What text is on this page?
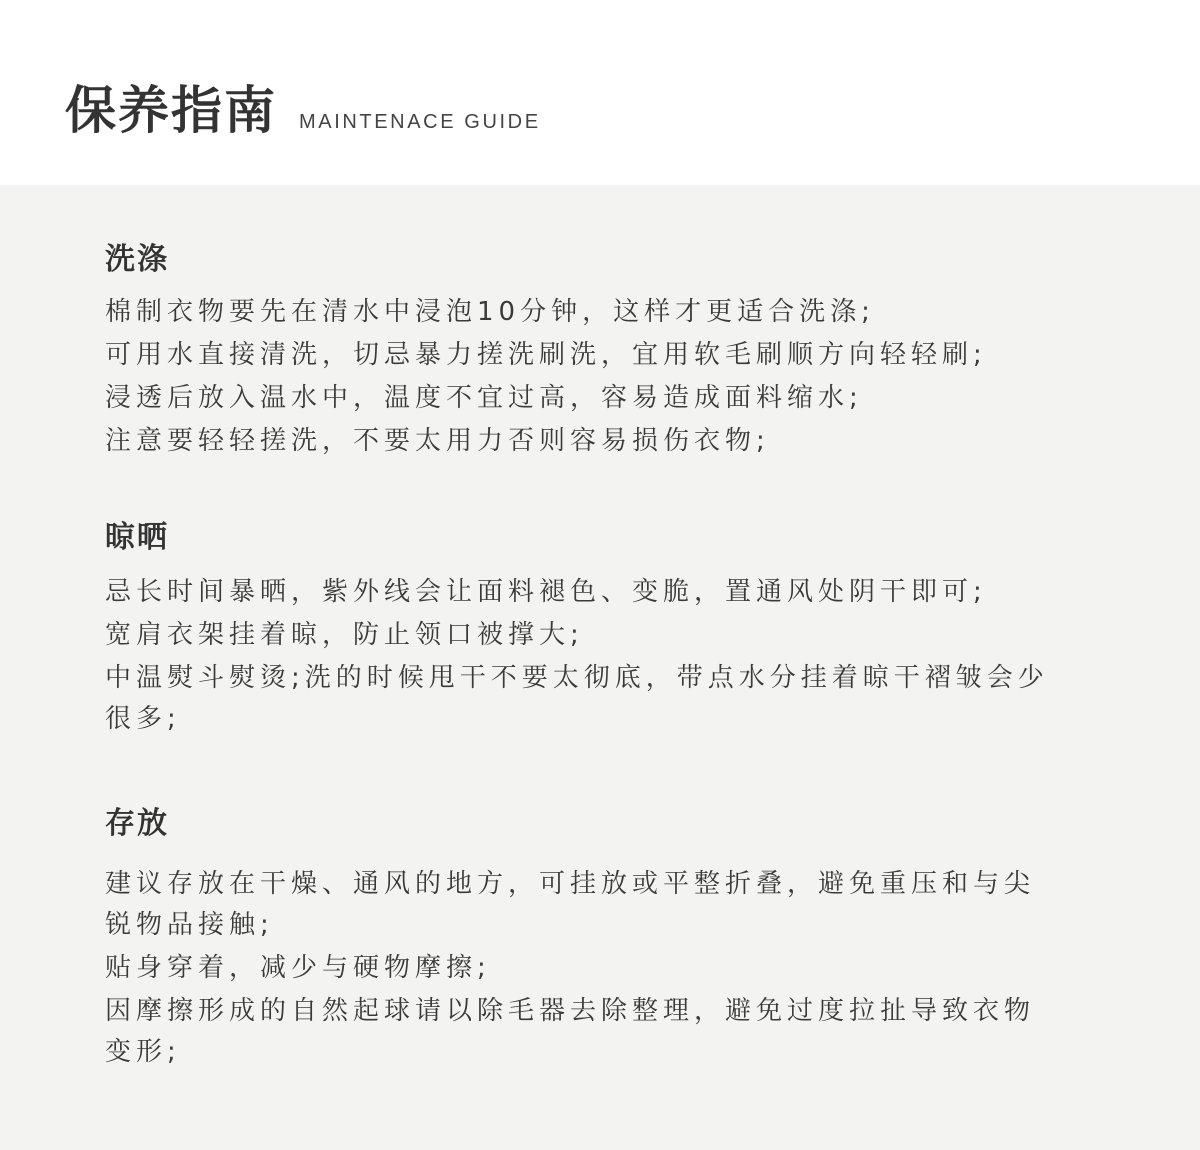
保养指南 MAINTENACE GUIDE
洗涤

棉制衣物要先在清水中浸泡10分钟，这样才更适合洗涤;

可用水直接清洗，切忌暴力搓洗刷洗，宜用软毛刷顺方向轻轻刷;

浸透后放入温水中，温度不宜过高，容易造成面料缩水;

注意要轻轻搓洗，不要太用力否则容易损伤衣物;

晾晒

忌长时间暴晒，紫外线会让面料褪色、变脆，置通风处阴干即可;

宽肩衣架挂着晾，防止领口被撑大;

中温熨斗熨烫;洗的时候甩干不要太彻底，带点水分挂着晾干褶皱会少很多;

存放

建议存放在干燥、通风的地方，可挂放或平整折叠，避免重压和与尖锐物品接触;

贴身穿着，减少与硬物摩擦;

因摩擦形成的自然起球请以除毛器去除整理，避免过度拉扯导致衣物变形;
